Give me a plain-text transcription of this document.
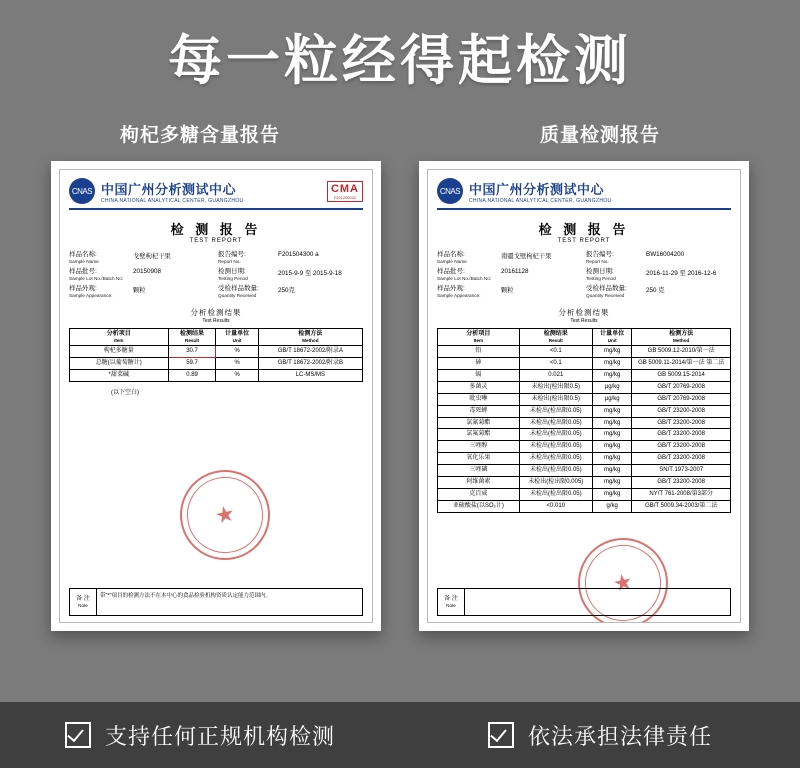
每一粒经得起检测
枸杞多糖含量报告	质量检测报告
CNAS 中国广州分析测试中心
CHINA NATIONAL ANALYTICAL CENTER, GUANGZHOU
CMA
F201200042
检 测 报 告
TEST REPORT
样品名称:
Sample Name
戈壁枸杞干果	报告编号:
Report No.
F201504300 a
样品批号:
Sample Lot No./Batch No:
20150908	检测日期:
Testing Period
2015-9-9 至 2015-9-18
样品外观:
Sample Appearance:
颗粒	受检样品数量:
Quantity Received
250克
分析检测结果
Test Results
分析项目
Item	检测结果
Result	计量单位
Unit	检测方法
Method

枸杞多糖量	30.7	%	GB/T 18672-2002/附录A
总糖(以葡萄糖计)	59.7	%	GB/T 18672-2002/附录B
*甜菜碱	0.89	%	LC-MS/MS
(以下空白)
★
备 注
Note
带"*"项目的检测方法不在本中心的食品检验机构资质认定能力范围内。
CNAS 中国广州分析测试中心
CHINA NATIONAL ANALYTICAL CENTER, GUANGZHOU
检 测 报 告
TEST REPORT
样品名称:
Sample Name
南疆戈壁枸杞干果	报告编号:
Report No.
BW16004200
样品批号:
Sample Lot No./Batch No:
20161128	检测日期:
Testing Period
2016-11-29 至 2016-12-6
样品外观:
Sample Appearance:
颗粒	受检样品数量:
Quantity Received
250 克
分析检测结果
Test Results
分析项目
Item	检测结果
Result	计量单位
Unit	检测方法
Method

铅	<0.1	mg/kg	GB 5009.12-2010/第一法
砷	<0.1	mg/kg	GB 5009.11-2014/第一法 第二法
镉	0.021	mg/kg	GB 5009.15-2014
多菌灵	未检出(检出限0.5)	μg/kg	GB/T 20769-2008
吡虫啉	未检出(检出限0.5)	μg/kg	GB/T 20769-2008
毒死蜱	未检出(检出限0.05)	mg/kg	GB/T 23200-2008
氯氰菊酯	未检出(检出限0.05)	mg/kg	GB/T 23200-2008
氯氟菊酯	未检出(检出限0.05)	mg/kg	GB/T 23200-2008
三唑醇	未检出(检出限0.05)	mg/kg	GB/T 23200-2008
氧化乐果	未检出(检出限0.05)	mg/kg	GB/T 23200-2008
三唑磷	未检出(检出限0.05)	mg/kg	SN/T 1973-2007
阿维菌素	未检出(检出限0.005)	mg/kg	GB/T 23200-2008
克百威	未检出(检出限0.05)	mg/kg	NY/T 761-2008/第3部分
亚硫酸盐(以SO₂计)	<0.010	g/kg	GB/T 5009.34-2003/第二法
★
备 注
Note
支持任何正规机构检测	依法承担法律责任
